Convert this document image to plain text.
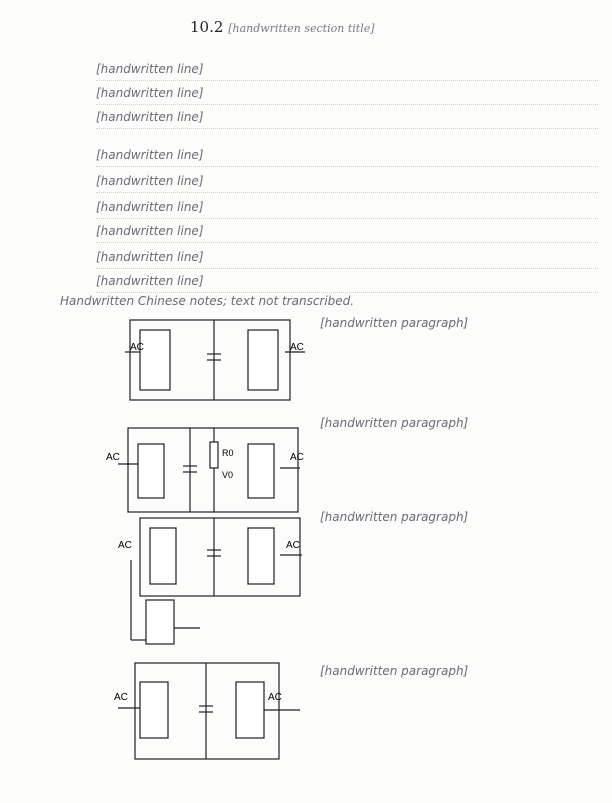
10.2 [handwritten section title]
[handwritten line]
[handwritten line]
[handwritten line]
[handwritten line]
[handwritten line]
[handwritten line]
[handwritten line]
[handwritten line]
[handwritten line]
Handwritten Chinese notes; text not transcribed.
[handwritten paragraph]
[handwritten paragraph]
[handwritten paragraph]
[handwritten paragraph]
AC	AC
AC	AC
R0
V0
AC	AC
AC	AC
